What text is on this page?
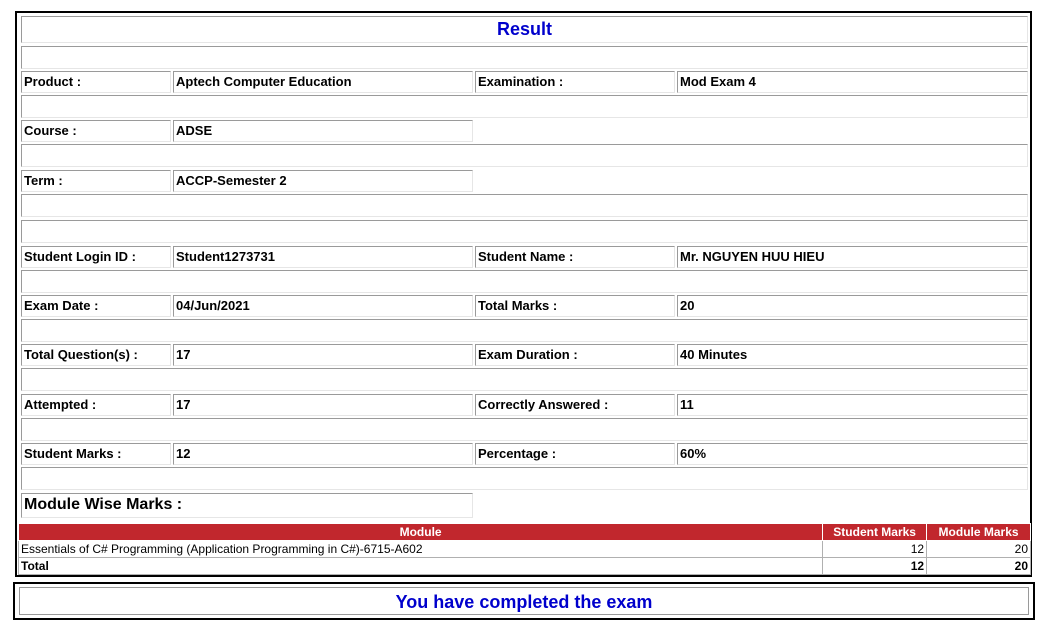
Result
Product :	Aptech Computer Education	Examination :	Mod Exam 4
Course :	ADSE
Term :	ACCP-Semester 2
Student Login ID :	Student1273731	Student Name :	Mr. NGUYEN HUU HIEU
Exam Date :	04/Jun/2021	Total Marks :	20
Total Question(s) :	17	Exam Duration :	40 Minutes
Attempted :	17	Correctly Answered :	11
Student Marks :	12	Percentage :	60%
Module Wise Marks :
Module	Student Marks	Module Marks
Essentials of C# Programming (Application Programming in C#)-6715-A602	12	20
Total	12	20
You have completed the exam
